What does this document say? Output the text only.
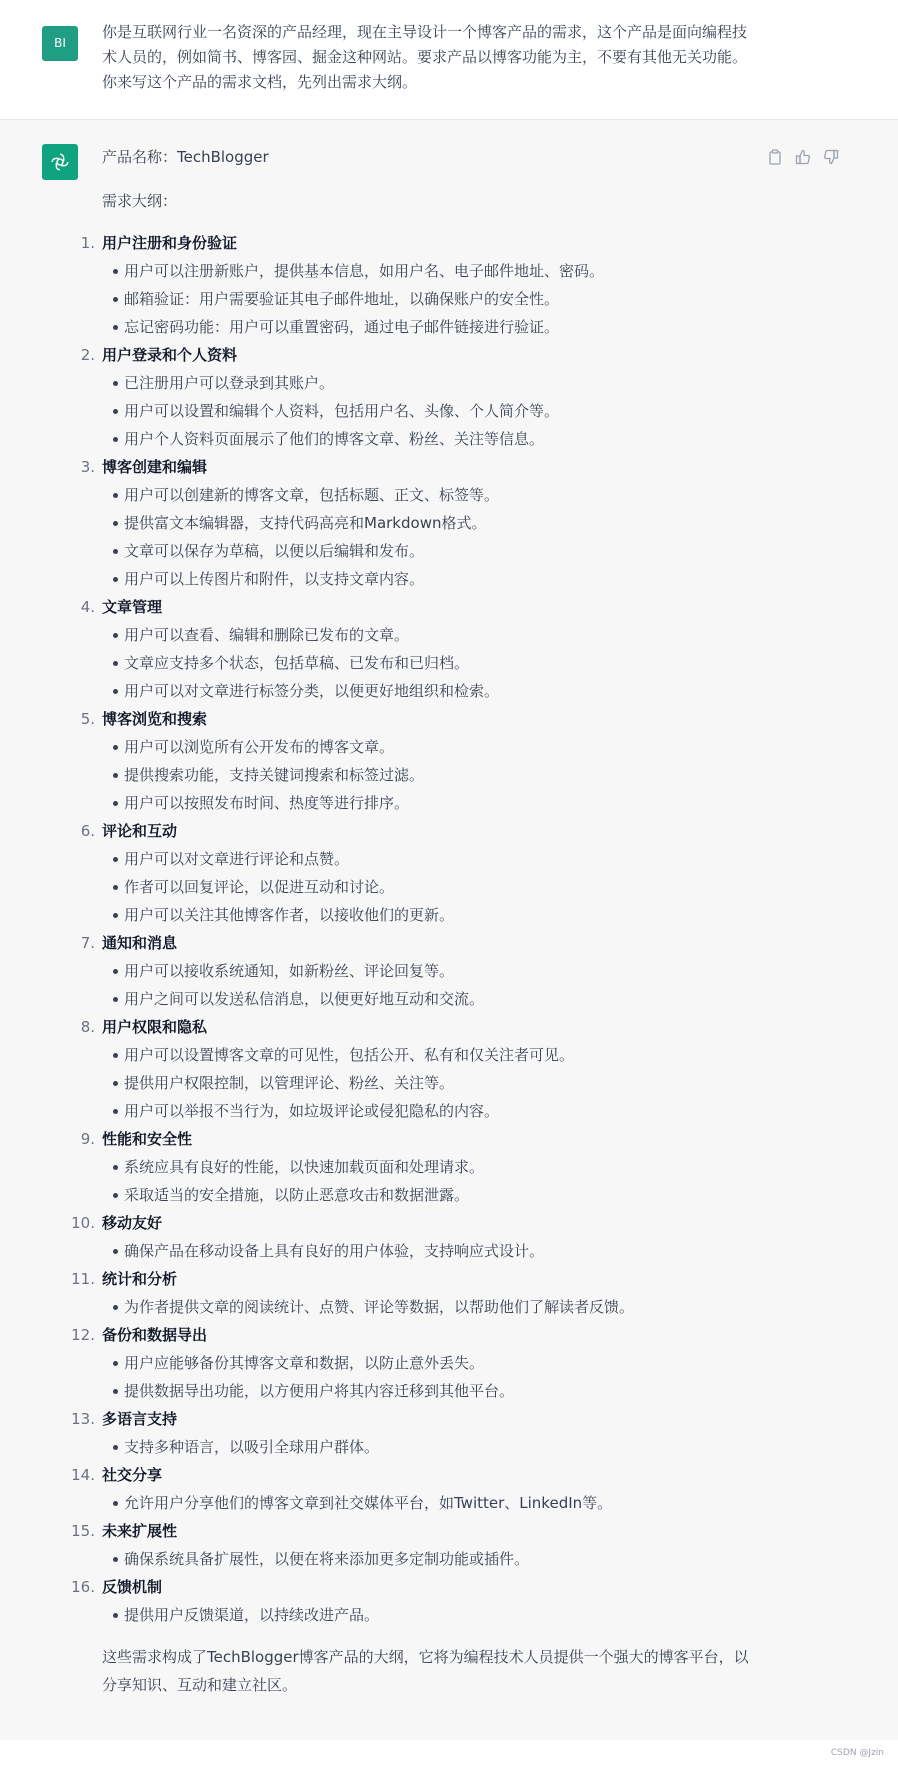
BI
你是互联网行业一名资深的产品经理，现在主导设计一个博客产品的需求，这个产品是面向编程技术人员的，例如简书、博客园、掘金这种网站。要求产品以博客功能为主，不要有其他无关功能。你来写这个产品的需求文档，先列出需求大纲。

产品名称：TechBlogger

需求大纲：

1. 用户注册和身份验证
用户可以注册新账户，提供基本信息，如用户名、电子邮件地址、密码。
邮箱验证：用户需要验证其电子邮件地址，以确保账户的安全性。
忘记密码功能：用户可以重置密码，通过电子邮件链接进行验证。
2. 用户登录和个人资料
已注册用户可以登录到其账户。
用户可以设置和编辑个人资料，包括用户名、头像、个人简介等。
用户个人资料页面展示了他们的博客文章、粉丝、关注等信息。
3. 博客创建和编辑
用户可以创建新的博客文章，包括标题、正文、标签等。
提供富文本编辑器，支持代码高亮和Markdown格式。
文章可以保存为草稿，以便以后编辑和发布。
用户可以上传图片和附件，以支持文章内容。
4. 文章管理
用户可以查看、编辑和删除已发布的文章。
文章应支持多个状态，包括草稿、已发布和已归档。
用户可以对文章进行标签分类，以便更好地组织和检索。
5. 博客浏览和搜索
用户可以浏览所有公开发布的博客文章。
提供搜索功能，支持关键词搜索和标签过滤。
用户可以按照发布时间、热度等进行排序。
6. 评论和互动
用户可以对文章进行评论和点赞。
作者可以回复评论，以促进互动和讨论。
用户可以关注其他博客作者，以接收他们的更新。
7. 通知和消息
用户可以接收系统通知，如新粉丝、评论回复等。
用户之间可以发送私信消息，以便更好地互动和交流。
8. 用户权限和隐私
用户可以设置博客文章的可见性，包括公开、私有和仅关注者可见。
提供用户权限控制，以管理评论、粉丝、关注等。
用户可以举报不当行为，如垃圾评论或侵犯隐私的内容。
9. 性能和安全性
系统应具有良好的性能，以快速加载页面和处理请求。
采取适当的安全措施，以防止恶意攻击和数据泄露。
10. 移动友好
确保产品在移动设备上具有良好的用户体验，支持响应式设计。
11. 统计和分析
为作者提供文章的阅读统计、点赞、评论等数据，以帮助他们了解读者反馈。
12. 备份和数据导出
用户应能够备份其博客文章和数据，以防止意外丢失。
提供数据导出功能，以方便用户将其内容迁移到其他平台。
13. 多语言支持
支持多种语言，以吸引全球用户群体。
14. 社交分享
允许用户分享他们的博客文章到社交媒体平台，如Twitter、LinkedIn等。
15. 未来扩展性
确保系统具备扩展性，以便在将来添加更多定制功能或插件。
16. 反馈机制
提供用户反馈渠道，以持续改进产品。

这些需求构成了TechBlogger博客产品的大纲，它将为编程技术人员提供一个强大的博客平台，以分享知识、互动和建立社区。

CSDN @Jzin
